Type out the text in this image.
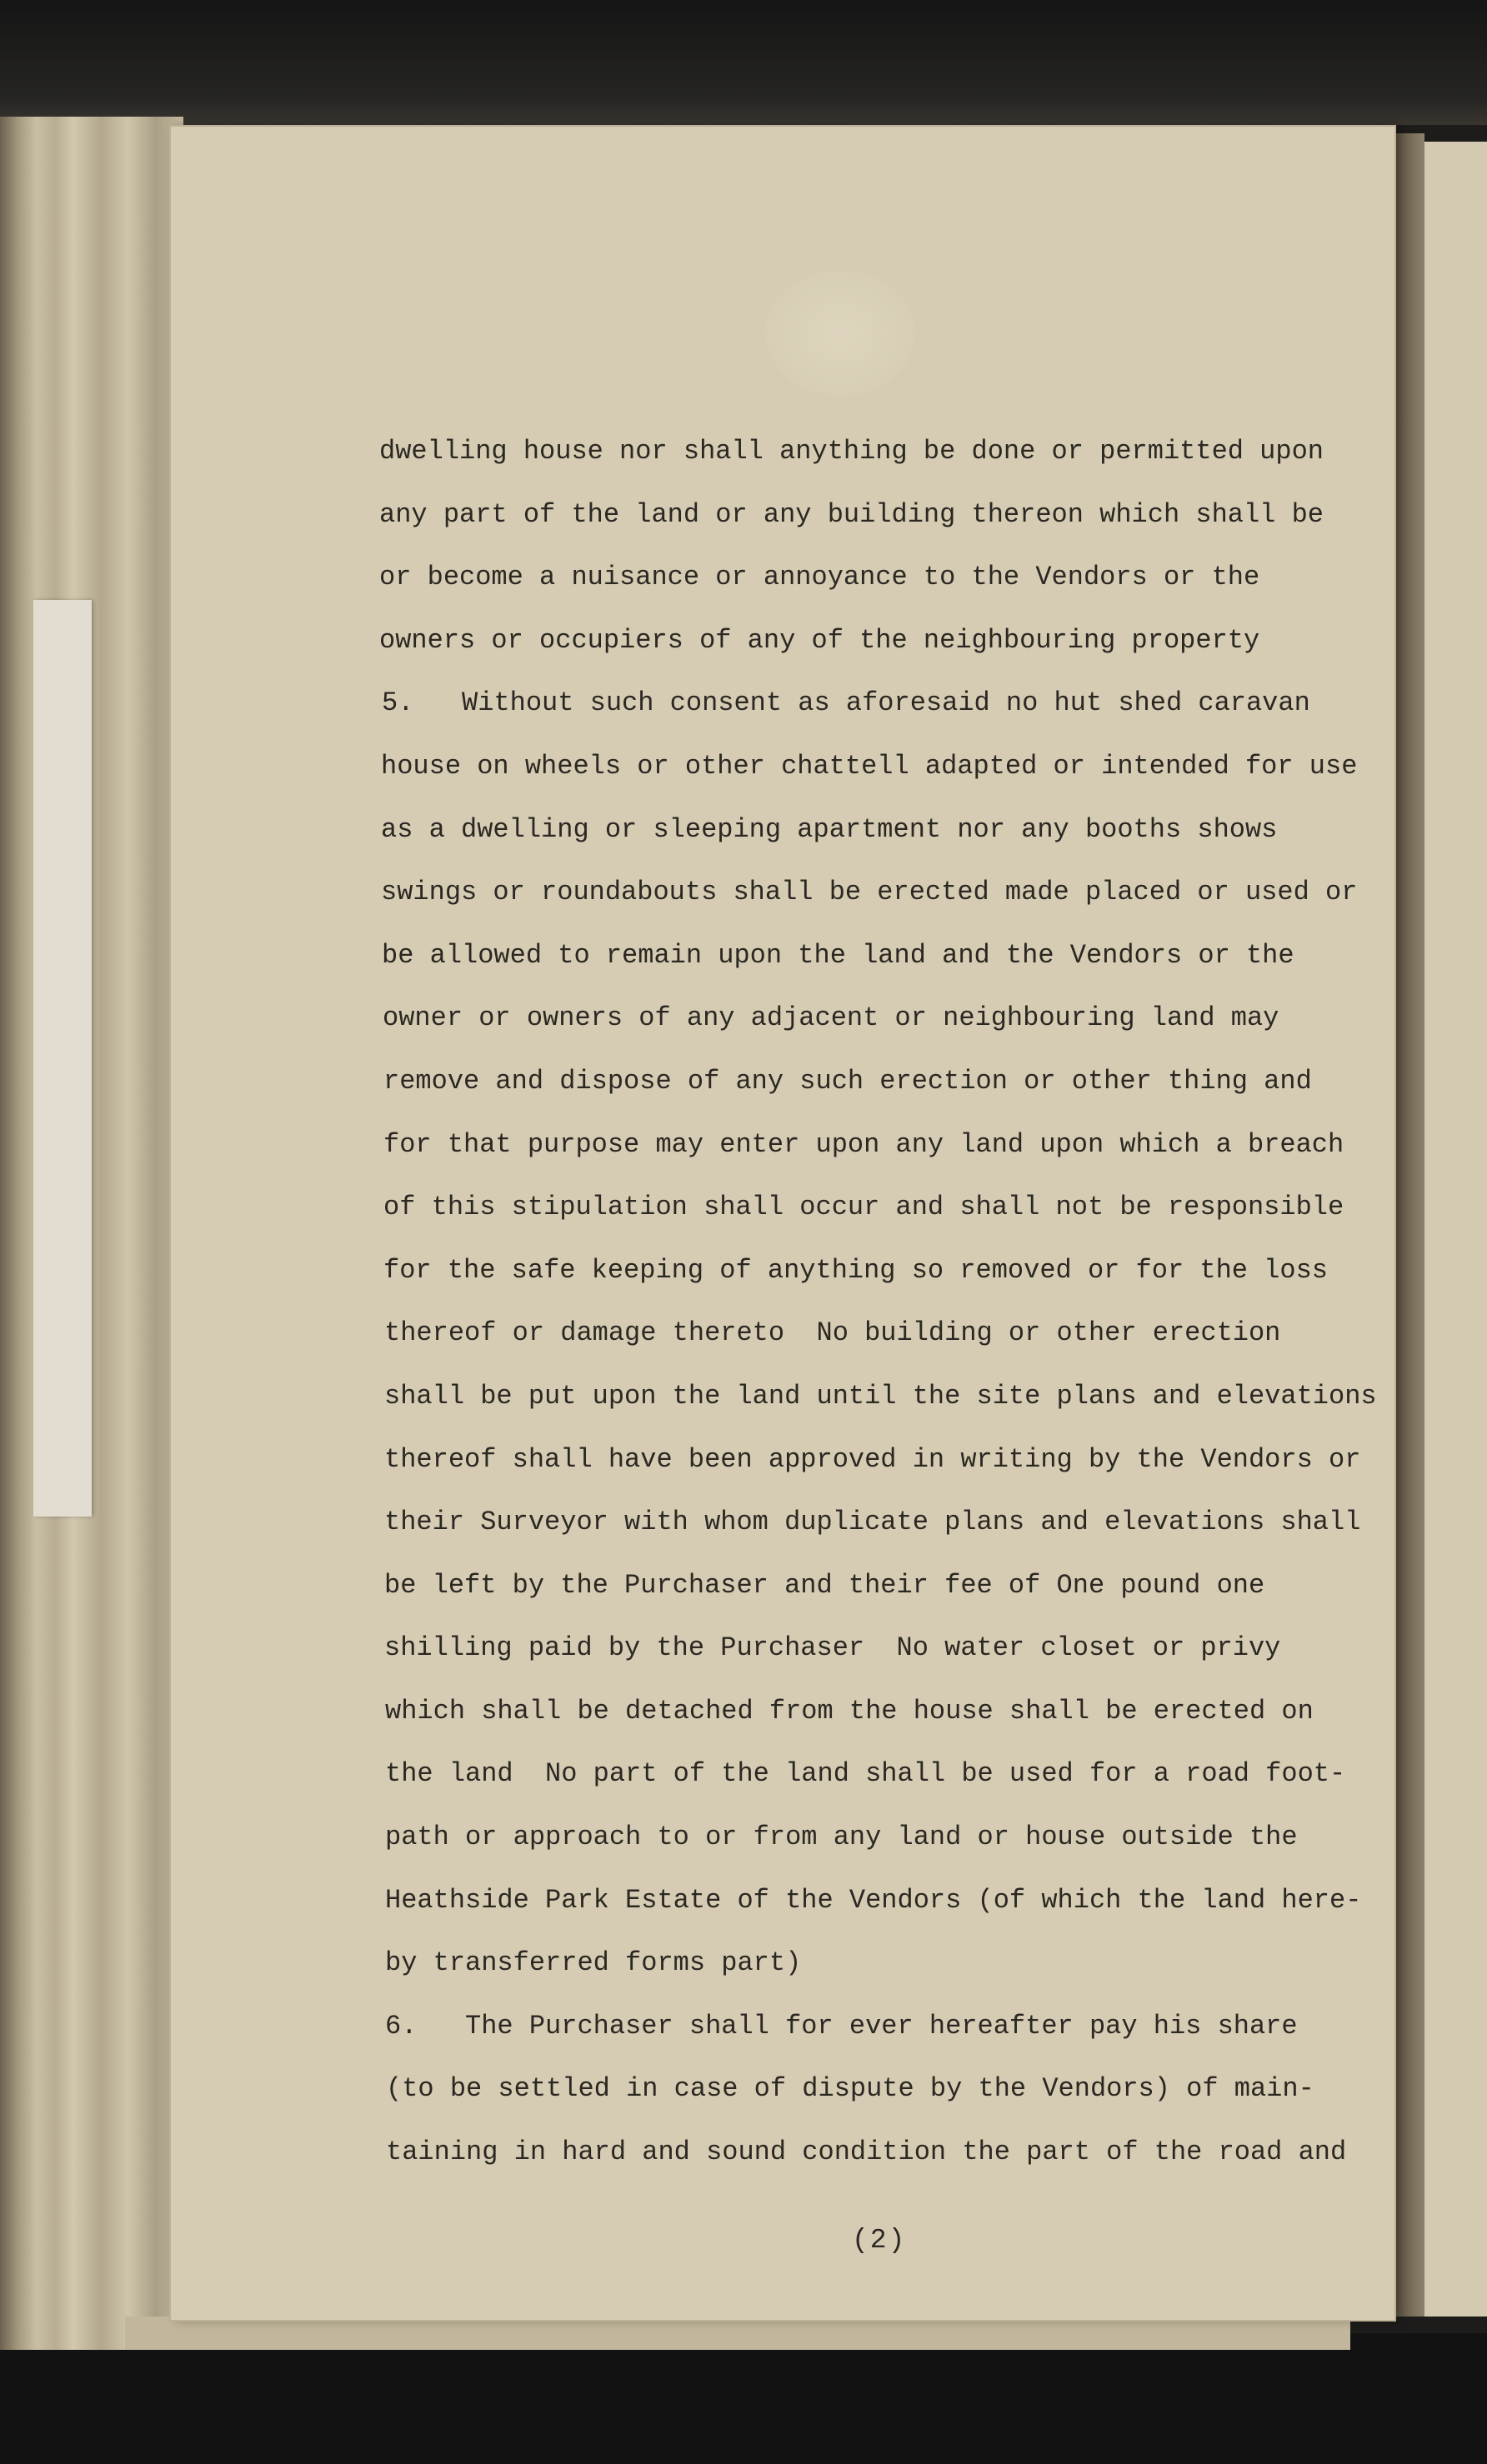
dwelling house nor shall anything be done or permitted upon
any part of the land or any building thereon which shall be
or become a nuisance or annoyance to the Vendors or the
owners or occupiers of any of the neighbouring property
5.   Without such consent as aforesaid no hut shed caravan
house on wheels or other chattell adapted or intended for use
as a dwelling or sleeping apartment nor any booths shows
swings or roundabouts shall be erected made placed or used or
be allowed to remain upon the land and the Vendors or the
owner or owners of any adjacent or neighbouring land may
remove and dispose of any such erection or other thing and
for that purpose may enter upon any land upon which a breach
of this stipulation shall occur and shall not be responsible
for the safe keeping of anything so removed or for the loss
thereof or damage thereto  No building or other erection
shall be put upon the land until the site plans and elevations
thereof shall have been approved in writing by the Vendors or
their Surveyor with whom duplicate plans and elevations shall
be left by the Purchaser and their fee of One pound one
shilling paid by the Purchaser  No water closet or privy
which shall be detached from the house shall be erected on
the land  No part of the land shall be used for a road foot-
path or approach to or from any land or house outside the
Heathside Park Estate of the Vendors (of which the land here-
by transferred forms part)
6.   The Purchaser shall for ever hereafter pay his share
(to be settled in case of dispute by the Vendors) of main-
taining in hard and sound condition the part of the road and
(2)
